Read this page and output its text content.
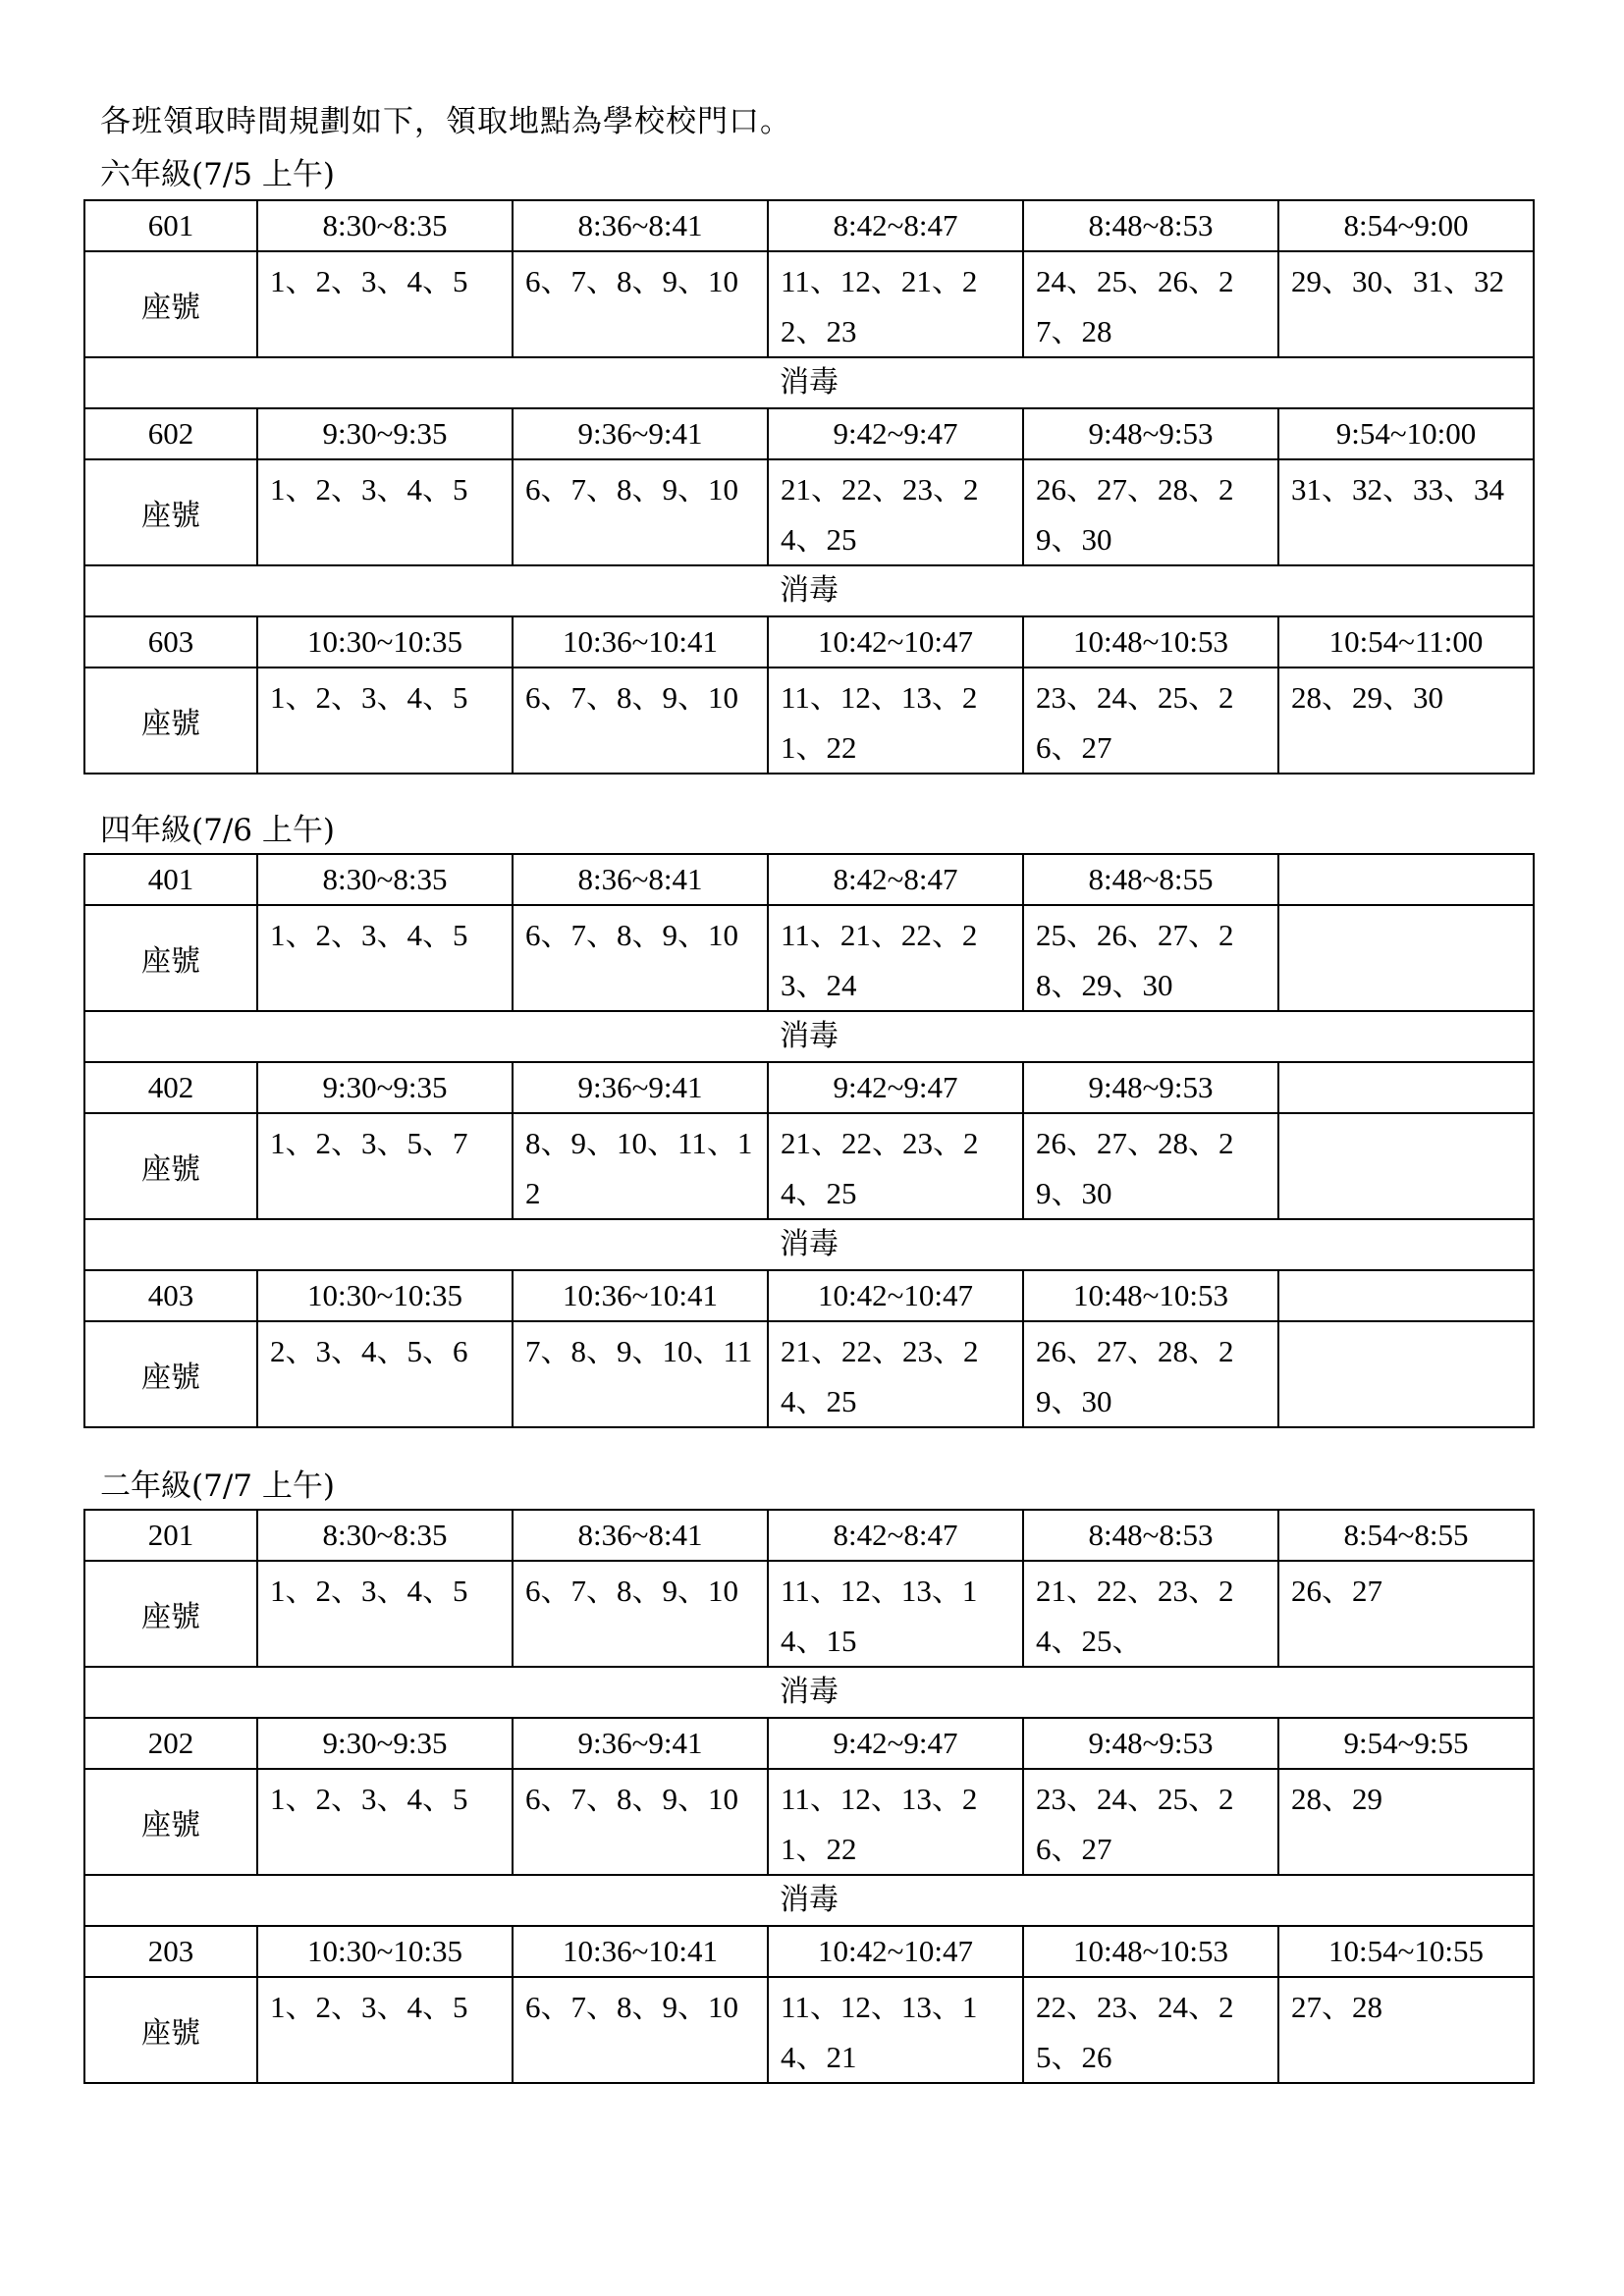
各班領取時間規劃如下，領取地點為學校校門口。
六年級(7/5 上午)
601	8:30~8:35	8:36~8:41	8:42~8:47	8:48~8:53	8:54~9:00
座號	1、2、3、4、5	6、7、8、9、10	11、12、21、22、23	24、25、26、27、28	29、30、31、32
消毒					
602	9:30~9:35	9:36~9:41	9:42~9:47	9:48~9:53	9:54~10:00
座號	1、2、3、4、5	6、7、8、9、10	21、22、23、24、25	26、27、28、29、30	31、32、33、34
消毒					
603	10:30~10:35	10:36~10:41	10:42~10:47	10:48~10:53	10:54~11:00
座號	1、2、3、4、5	6、7、8、9、10	11、12、13、21、22	23、24、25、26、27	28、29、30
四年級(7/6 上午)
401	8:30~8:35	8:36~8:41	8:42~8:47	8:48~8:55	
座號	1、2、3、4、5	6、7、8、9、10	11、21、22、23、24	25、26、27、28、29、30	
消毒					
402	9:30~9:35	9:36~9:41	9:42~9:47	9:48~9:53	
座號	1、2、3、5、7	8、9、10、11、12	21、22、23、24、25	26、27、28、29、30	
消毒					
403	10:30~10:35	10:36~10:41	10:42~10:47	10:48~10:53	
座號	2、3、4、5、6	7、8、9、10、11	21、22、23、24、25	26、27、28、29、30	
二年級(7/7 上午)
201	8:30~8:35	8:36~8:41	8:42~8:47	8:48~8:53	8:54~8:55
座號	1、2、3、4、5	6、7、8、9、10	11、12、13、14、15	21、22、23、24、25、	26、27
消毒					
202	9:30~9:35	9:36~9:41	9:42~9:47	9:48~9:53	9:54~9:55
座號	1、2、3、4、5	6、7、8、9、10	11、12、13、21、22	23、24、25、26、27	28、29
消毒					
203	10:30~10:35	10:36~10:41	10:42~10:47	10:48~10:53	10:54~10:55
座號	1、2、3、4、5	6、7、8、9、10	11、12、13、14、21	22、23、24、25、26	27、28
